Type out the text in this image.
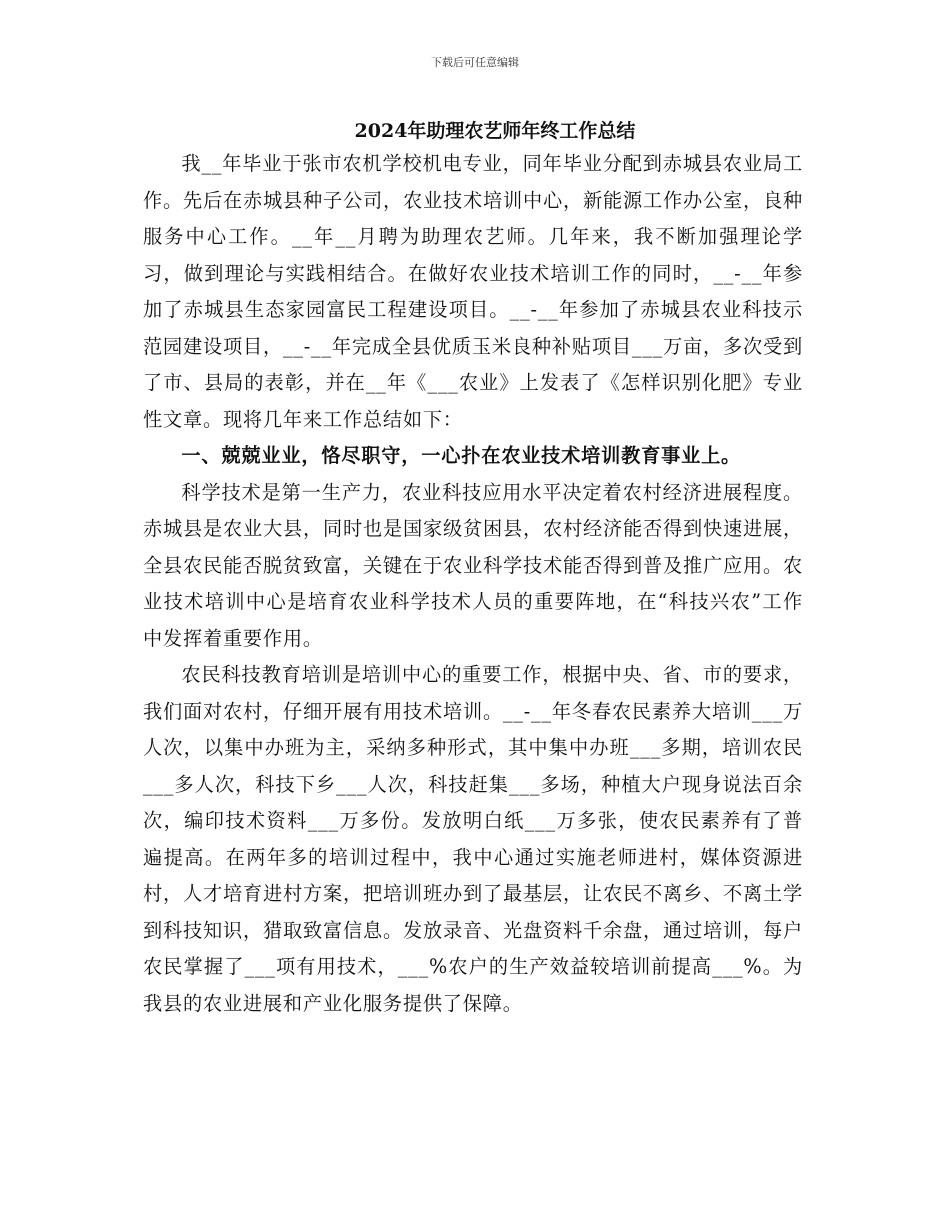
下载后可任意编辑
2024年助理农艺师年终工作总结

我__年毕业于张市农机学校机电专业，同年毕业分配到赤城县农业局工作。先后在赤城县种子公司，农业技术培训中心，新能源工作办公室，良种服务中心工作。__年__月聘为助理农艺师。几年来，我不断加强理论学习，做到理论与实践相结合。在做好农业技术培训工作的同时，__-__年参加了赤城县生态家园富民工程建设项目。__-__年参加了赤城县农业科技示范园建设项目，__-__年完成全县优质玉米良种补贴项目___万亩，多次受到了市、县局的表彰，并在__年《___农业》上发表了《怎样识别化肥》专业性文章。现将几年来工作总结如下：

一、兢兢业业，恪尽职守，一心扑在农业技术培训教育事业上。

科学技术是第一生产力，农业科技应用水平决定着农村经济进展程度。赤城县是农业大县，同时也是国家级贫困县，农村经济能否得到快速进展，全县农民能否脱贫致富，关键在于农业科学技术能否得到普及推广应用。农业技术培训中心是培育农业科学技术人员的重要阵地，在“科技兴农”工作中发挥着重要作用。

农民科技教育培训是培训中心的重要工作，根据中央、省、市的要求，我们面对农村，仔细开展有用技术培训。__-__年冬春农民素养大培训___万人次，以集中办班为主，采纳多种形式，其中集中办班___多期，培训农民___多人次，科技下乡___人次，科技赶集___多场，种植大户现身说法百余次，编印技术资料___万多份。发放明白纸___万多张，使农民素养有了普遍提高。在两年多的培训过程中，我中心通过实施老师进村，媒体资源进村，人才培育进村方案，把培训班办到了最基层，让农民不离乡、不离土学到科技知识，猎取致富信息。发放录音、光盘资料千余盘，通过培训，每户农民掌握了___项有用技术，___%农户的生产效益较培训前提高___%。为我县的农业进展和产业化服务提供了保障。
